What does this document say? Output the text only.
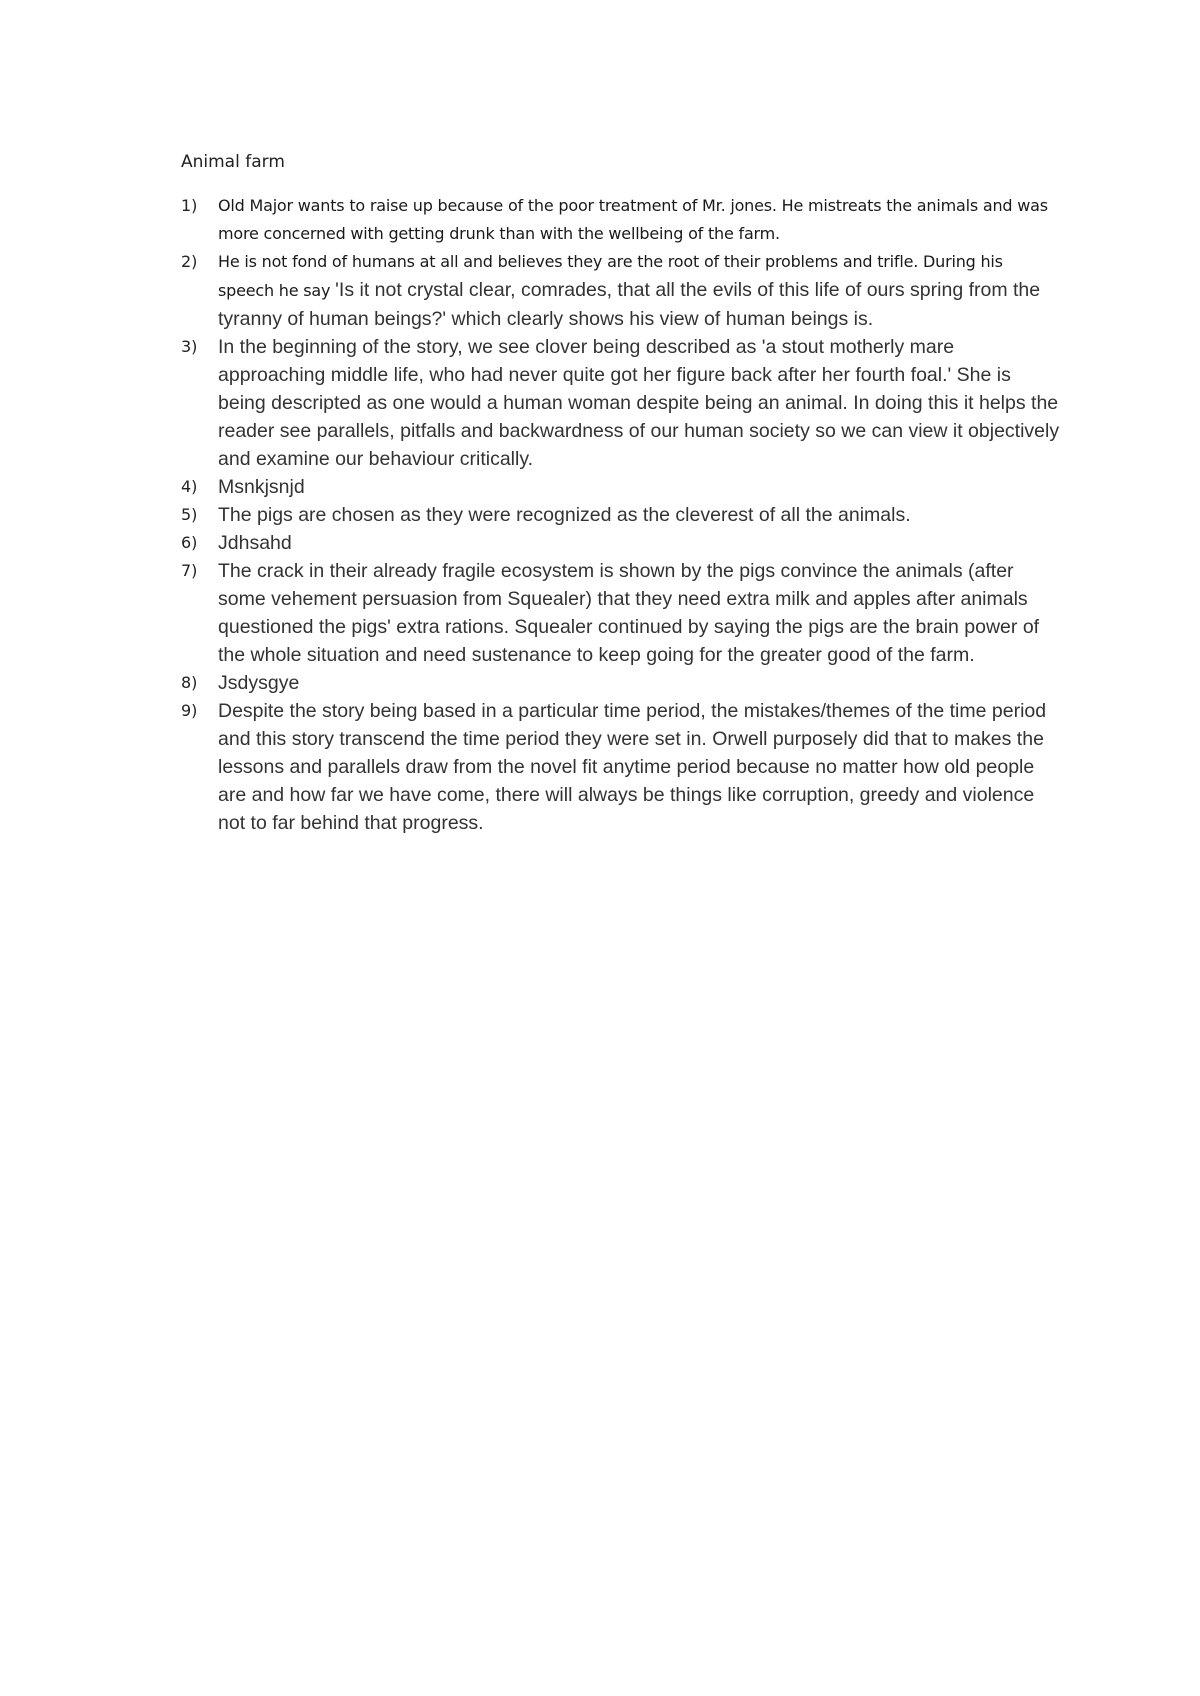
Animal farm
1) Old Major wants to raise up because of the poor treatment of Mr. jones. He mistreats the animals and was more concerned with getting drunk than with the wellbeing of the farm.
2) He is not fond of humans at all and believes they are the root of their problems and trifle. During his speech he say 'Is it not crystal clear, comrades, that all the evils of this life of ours spring from the tyranny of human beings?' which clearly shows his view of human beings is.
3) In the beginning of the story, we see clover being described as 'a stout motherly mare approaching middle life, who had never quite got her figure back after her fourth foal.' She is being descripted as one would a human woman despite being an animal. In doing this it helps the reader see parallels, pitfalls and backwardness of our human society so we can view it objectively and examine our behaviour critically.
4) Msnkjsnjd
5) The pigs are chosen as they were recognized as the cleverest of all the animals.
6) Jdhsahd
7) The crack in their already fragile ecosystem is shown by the pigs convince the animals (after some vehement persuasion from Squealer) that they need extra milk and apples after animals questioned the pigs' extra rations. Squealer continued by saying the pigs are the brain power of the whole situation and need sustenance to keep going for the greater good of the farm.
8) Jsdysgye
9) Despite the story being based in a particular time period, the mistakes/themes of the time period and this story transcend the time period they were set in. Orwell purposely did that to makes the lessons and parallels draw from the novel fit anytime period because no matter how old people are and how far we have come, there will always be things like corruption, greedy and violence not to far behind that progress.
